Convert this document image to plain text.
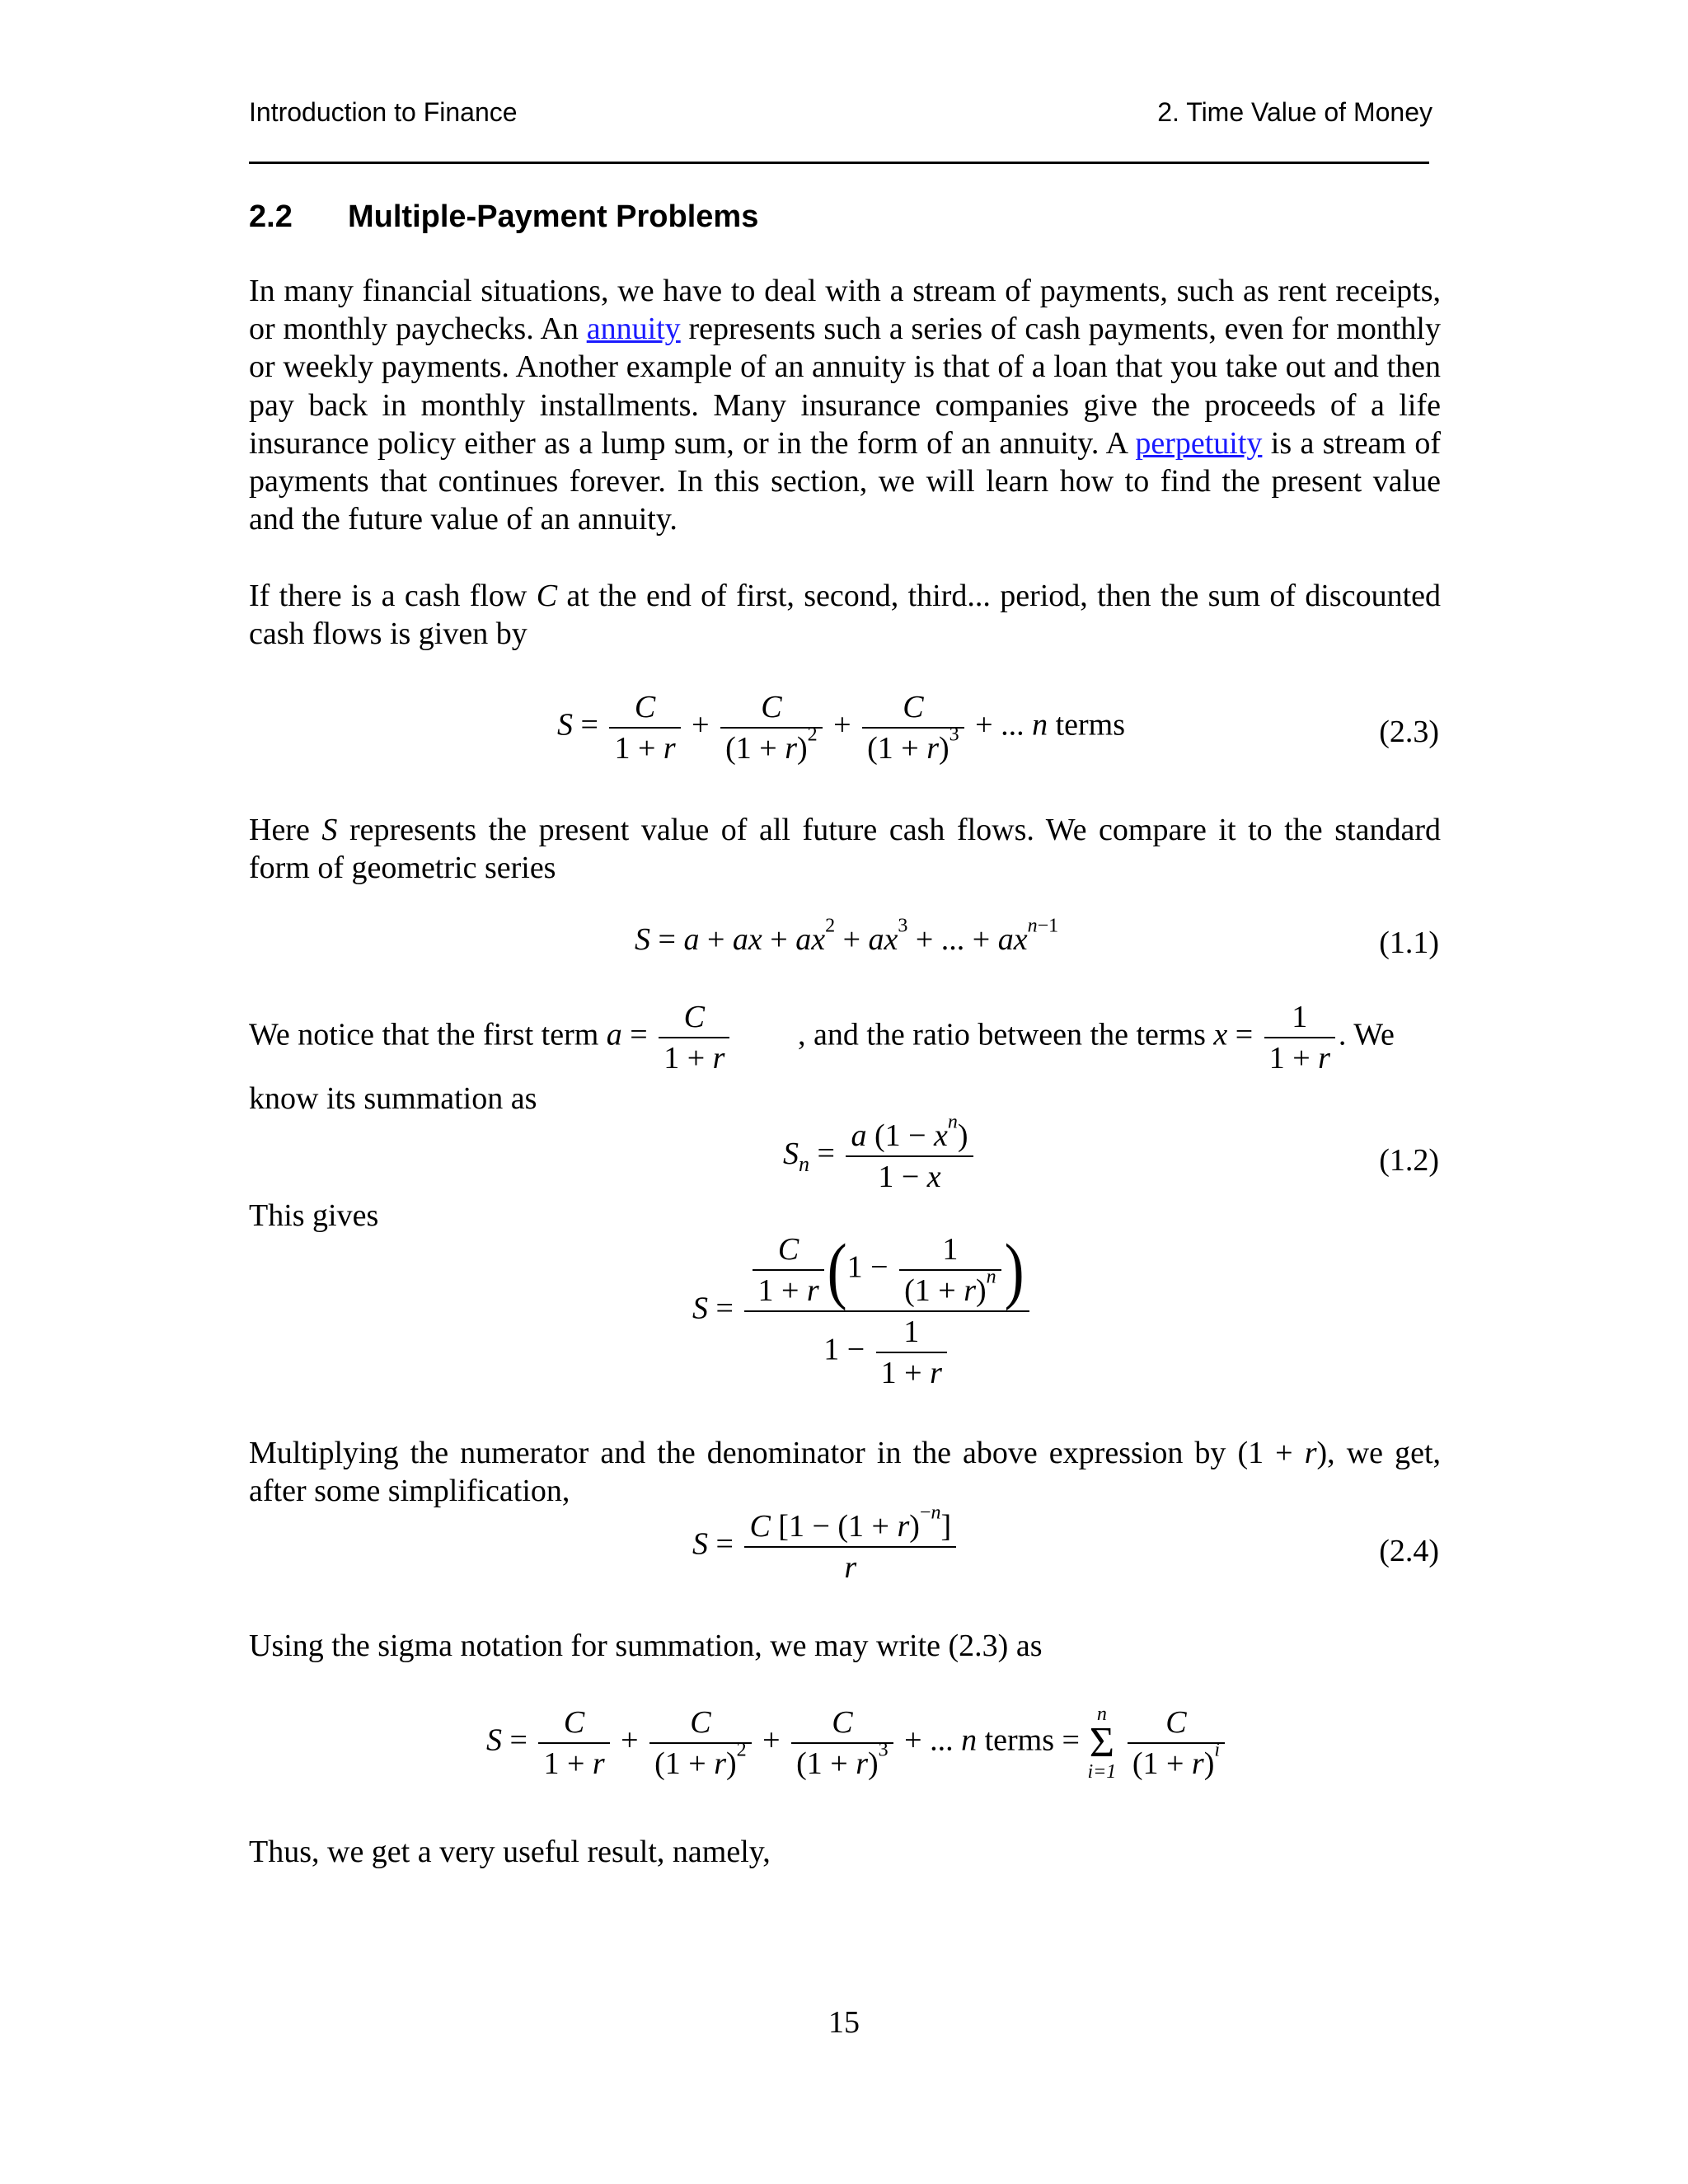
Introduction to Finance	2. Time Value of Money
2.2 Multiple-Payment Problems
In many financial situations, we have to deal with a stream of payments, such as rent receipts, or monthly paychecks. An annuity represents such a series of cash payments, even for monthly or weekly payments. Another example of an annuity is that of a loan that you take out and then pay back in monthly installments. Many insurance companies give the proceeds of a life insurance policy either as a lump sum, or in the form of an annuity. A perpetuity is a stream of payments that continues forever. In this section, we will learn how to find the present value and the future value of an annuity.
If there is a cash flow C at the end of first, second, third... period, then the sum of discounted cash flows is given by
$S = \frac{C}{1 + r} + \frac{C}{(1 + r)^2} + \frac{C}{(1 + r)^3}$ + ... n terms	(2.3)
Here S represents the present value of all future cash flows. We compare it to the standard form of geometric series
S = a + ax + $ax^2 + ax^3$ + ... + $ax^{n-1}$	(1.1)
We notice that the first term $a = \frac{C}{1 + r}$ , and the ratio between the terms $x = \frac{1}{1 + r}$ . We
know its summation as
$S_n = \frac{a (1 - x^n)}{1 - x}$	(1.2)
This gives
$S = \frac{\frac{C}{1 + r} (1 - \frac{1}{(1 + r)^n} )}{1 - \frac{1}{1 + r}}$
Multiplying the numerator and the denominator in the above expression by (1 + r), we get, after some simplification,
$S = \frac{C [1 - (1 + r)^{-n}]}{r}$	(2.4)
Using the sigma notation for summation, we may write (2.3) as
$S = \frac{C}{1 + r} + \frac{C}{(1 + r)^2} + \frac{C}{(1 + r)^3}$ + ... n terms =
n
Σ
i=1
$\frac{C}{(1 + r)^i}$
Thus, we get a very useful result, namely,
15
